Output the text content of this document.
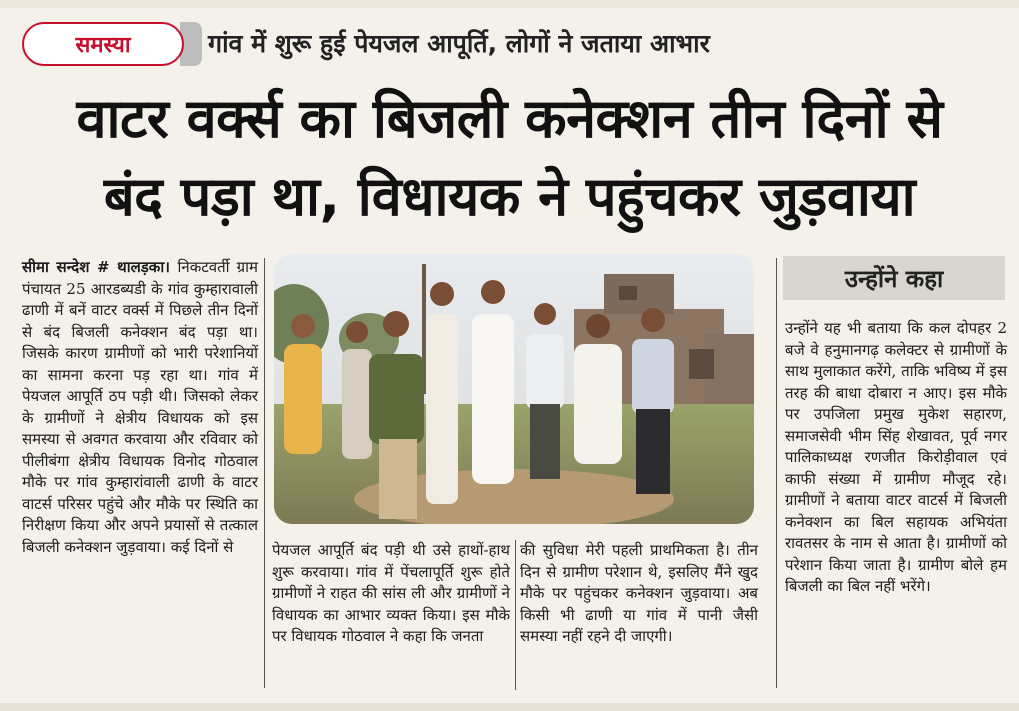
समस्या	गांव में शुरू हुई पेयजल आपूर्ति, लोगों ने जताया आभार
वाटर वर्क्स का बिजली कनेक्शन तीन दिनों से
बंद पड़ा था, विधायक ने पहुंचकर जुड़वाया
सीमा सन्देश # थालड़का। निकटवर्ती ग्राम पंचायत 25 आरडब्यडी के गांव कुम्हारावाली ढाणी में बनें वाटर वर्क्स में पिछले तीन दिनों से बंद बिजली कनेक्शन बंद पड़ा था। जिसके कारण ग्रामीणों को भारी परेशानियों का सामना करना पड़ रहा था। गांव में पेयजल आपूर्ति ठप पड़ी थी। जिसको लेकर के ग्रामीणों ने क्षेत्रीय विधायक को इस समस्या से अवगत करवाया और रविवार को पीलीबंगा क्षेत्रीय विधायक विनोद गोठवाल मौके पर गांव कुम्हारांवाली ढाणी के वाटर वाटर्स परिसर पहुंचे और मौके पर स्थिति का निरीक्षण किया और अपने प्रयासों से तत्काल बिजली कनेक्शन जुड़वाया। कई दिनों से	पेयजल आपूर्ति बंद पड़ी थी उसे हाथों-हाथ शुरू करवाया। गांव में पेंचलापूर्ति शुरू होते ग्रामीणों ने राहत की सांस ली और ग्रामीणों ने विधायक का आभार व्यक्त किया। इस मौके पर विधायक गोठवाल ने कहा कि जनता
की सुविधा मेरी पहली प्राथमिकता है। तीन दिन से ग्रामीण परेशान थे, इसलिए मैंने खुद मौके पर पहुंचकर कनेक्शन जुड़वाया। अब किसी भी ढाणी या गांव में पानी जैसी समस्या नहीं रहने दी जाएगी।
उन्होंने कहा
उन्होंने यह भी बताया कि कल दोपहर 2 बजे वे हनुमानगढ़ कलेक्टर से ग्रामीणों के साथ मुलाकात करेंगे, ताकि भविष्य में इस तरह की बाधा दोबारा न आए। इस मौके पर उपजिला प्रमुख मुकेश सहारण, समाजसेवी भीम सिंह शेखावत, पूर्व नगर पालिकाध्यक्ष रणजीत किरोड़ीवाल एवं काफी संख्या में ग्रामीण मौजूद रहे। ग्रामीणों ने बताया वाटर वाटर्स में बिजली कनेक्शन का बिल सहायक अभियंता रावतसर के नाम से आता है। ग्रामीणों को परेशान किया जाता है। ग्रामीण बोले हम बिजली का बिल नहीं भरेंगे।
